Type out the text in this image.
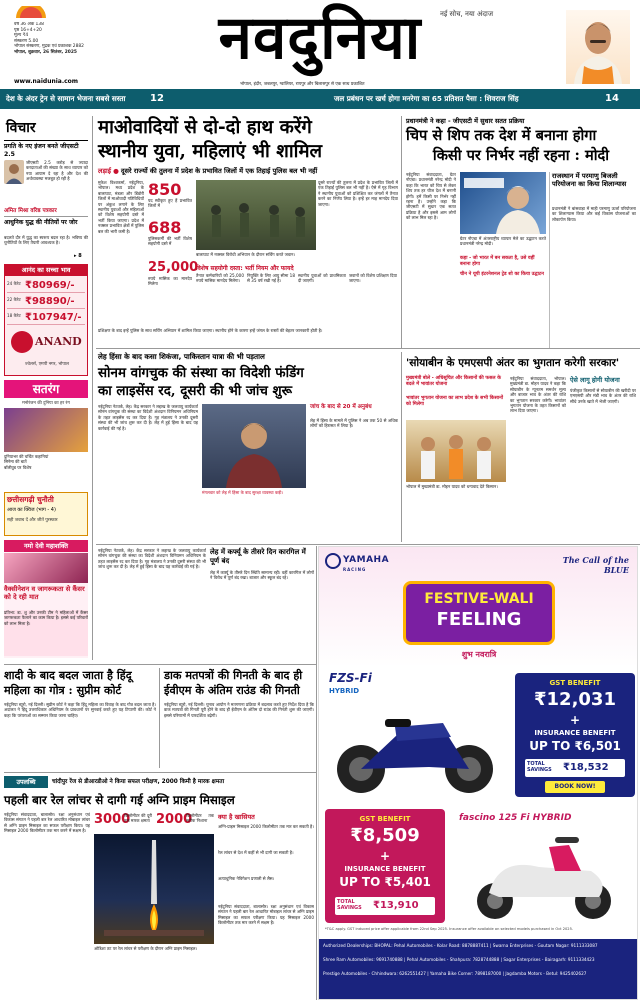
वर्ष 36 अंक 138
पृष्ठ 16+4+20
मूल्य ₹4
संस्करण 5.00
भोपाल संस्करण, मुद्रक एवं प्रकाशक 2882
भोपाल, शुक्रवार, 26 सितंबर, 2025
www.naidunia.com
नवदुनिया	नई सोच, नया अंदाज
भोपाल, इंदौर, जबलपुर, ग्वालियर, रायपुर और बिलासपुर से एक साथ प्रकाशित
देश के अंदर ट्रेन से सामान भेजना सबसे सस्ता	12	जल प्रबंधन पर खर्च होगा मनरेगा का 65 प्रतिशत पैसा : शिवराज सिंह	14
विचार
प्रगति के नए इंजन बनते जीएसटी 2.5
जीएसटी 2.5 करोड़ से ज्यादा करदाताओं की संख्या के साथ व्यापार को नया आयाम दे रहा है और देश की अर्थव्यवस्था मजबूत हो रही है
अमित मिश्रा वरिष्ठ पत्रकार
आधुनिक युद्ध की नीतियों पर जोर
बदलते दौर में युद्ध का स्वरूप बदल रहा है। भविष्य की चुनौतियों के लिए तैयारी आवश्यक है।
▸ 8
आनंद का सच्चा भाव
24 कैरेट ₹80969/-
22 कैरेट ₹98890/-
18 कैरेट ₹107947/-
ANAND
ज्वेलर्स, एमपी नगर, भोपाल
सतरंग
मनोरंजन की दुनिया का हर रंग
दुनियाभर की चर्चित कहानियां
सिनेमा की बातें
बॉलीवुड पर विशेष
छत्तीसगढ़ी चुनौती
आज का क्विज (भाग - 4)
सही जवाब दें और जीतें पुरस्कार
नमो देवी महाशक्ति
वैक्सीनेशन व जागरूकता से कैंसर को दे रही मात
प्रतिभा: डा. शु और उनकी टीम ने महिलाओं में कैंसर जागरूकता फैलाने का काम किया है। इससे कई परिवारों को लाभ मिला है।
माओवादियों से दो-दो हाथ करेंगे
स्थानीय युवा, महिलाएं भी शामिल
लड़ाई ● दूसरे राज्यों की तुलना में प्रदेश के प्रभावित जिलों में एक तिहाई पुलिस बल भी नहीं
मुकेश विश्वकर्मा, नईदुनिया, भोपाल। मध्य प्रदेश के बालाघाट, मंडला और डिंडोरी जिलों में माओवादी गतिविधियों पर अंकुश लगाने के लिए स्थानीय युवाओं और महिलाओं को विशेष सहयोगी दस्ते में भर्ती किया जाएगा। प्रदेश में नक्सल प्रभावित क्षेत्रों में पुलिस बल की भारी कमी है।
850
पद स्वीकृत हुए हैं प्रभावित जिलों में
688
पुलिसकर्मी की भर्ती विशेष सहयोगी दस्ते में
25,000
रुपये मासिक का मानदेय मिलेगा
बालाघाट में नक्सल विरोधी अभियान के दौरान सर्चिंग करते जवान।
दूसरे राज्यों की तुलना में प्रदेश के प्रभावित जिलों में एक तिहाई पुलिस बल भी नहीं है। ऐसे में गृह विभाग ने स्थानीय युवाओं को प्रशिक्षित कर जंगलों में तैनात करने का निर्णय लिया है। इन्हें हर माह मानदेय दिया जाएगा।
विशेष सहयोगी दस्ता: भर्ती नियम और फायदे
तैनात कर्मचारियों को 25,000 रुपये मासिक मानदेय मिलेगा।
नियुक्ति के लिए आयु सीमा 18 से 35 वर्ष रखी गई है।
स्थानीय युवाओं को प्राथमिकता दी जाएगी।
जवानों को विशेष प्रशिक्षण दिया जाएगा।
प्रशिक्षण के बाद इन्हें पुलिस के साथ सर्चिंग अभियान में शामिल किया जाएगा। स्थानीय होने के कारण इन्हें जंगल के रास्तों की बेहतर जानकारी होती है।
प्रधानमंत्री ने कहा - जीएसटी में सुधार सतत प्रक्रिया
चिप से शिप तक देश में बनाना होगा
किसी पर निर्भर नहीं रहना : मोदी
नईदुनिया संवाददाता, ग्रेटर नोएडा। प्रधानमंत्री नरेन्द्र मोदी ने कहा कि भारत को चिप से लेकर शिप तक हर चीज देश में बनानी होगी। हमें किसी पर निर्भर नहीं रहना है। उन्होंने कहा कि जीएसटी में सुधार एक सतत प्रक्रिया है और इससे आम लोगों को लाभ मिल रहा है।
ग्रेटर नोएडा में अंतरराष्ट्रीय व्यापार मेले का उद्घाटन करते प्रधानमंत्री नरेन्द्र मोदी।
कहा - जो भारत में बन सकता है, उसे वहीं बनाना होगा
चीन ने यूपी इंटरनेशनल ट्रेड शो का किया उद्घाटन
राजस्थान में परमाणु बिजली परियोजना का किया शिलान्यास
प्रधानमंत्री ने बांसवाड़ा में माही परमाणु ऊर्जा परियोजना का शिलान्यास किया और कई विकास योजनाओं का लोकार्पण किया।
लेह हिंसा के बाद कसा शिकंजा, पाकिस्तान यात्रा की भी पड़ताल
सोनम वांगचुक की संस्था का विदेशी फंडिंग
का लाइसेंस रद, दूसरी की भी जांच शुरू
नईदुनिया नेटवर्क, लेह। केंद्र सरकार ने लद्दाख के जलवायु कार्यकर्ता सोनम वांगचुक की संस्था का विदेशी अंशदान विनियमन अधिनियम के तहत लाइसेंस रद कर दिया है। गृह मंत्रालय ने उनकी दूसरी संस्था की भी जांच शुरू कर दी है। लेह में हुई हिंसा के बाद यह कार्रवाई की गई है।
मंगलवार को लेह में हिंसा के बाद सुरक्षा व्यवस्था कड़ी।
जांच के बाद से 20 में अनुबंध
लेह में हिंसा के मामले में पुलिस ने अब तक 50 से अधिक लोगों को हिरासत में लिया है।
'सोयाबीन के एमएसपी अंतर का भुगतान करेगी सरकार'
मुख्यमंत्री बोले - अधिसूचित और किसानों की फसल के बदले में भावांतर योजना
भावांतर भुगतान योजना का लाभ प्रदेश के सभी किसानों को मिलेगा
भोपाल में मुख्यमंत्री डा. मोहन यादव को धन्यवाद देते किसान।
नईदुनिया संवाददाता, भोपाल। मुख्यमंत्री डा. मोहन यादव ने कहा कि सोयाबीन के न्यूनतम समर्थन मूल्य और बाजार भाव के अंतर की राशि का भुगतान सरकार करेगी। भावांतर भुगतान योजना के तहत किसानों को लाभ दिया जाएगा।
ऐसे लागू होगी योजना
पंजीकृत किसानों से सोयाबीन की खरीदी पर एमएसपी और मंडी भाव के अंतर की राशि सीधे उनके खाते में भेजी जाएगी।
YAMAHA
RACING
The Call of the BLUE
FESTIVE-WALI
FEELING
शुभ नवरात्रि
FZS-Fi
HYBRID
GST BENEFIT
₹12,031
+
INSURANCE BENEFIT
UP TO ₹6,501
TOTAL SAVINGS	₹18,532
BOOK NOW!
GST BENEFIT
₹8,509
+
INSURANCE BENEFIT
UP TO ₹5,401
TOTAL SAVINGS	₹13,910
fascino 125 Fi HYBRID
*T&C apply. GST induced price offer applicable from 22nd Sep 2025. Insurance offer available on selected models purchased in Oct 2025.
Authorized Dealerships: BHOPAL: Pehal Automobiles - Kolar Road: 8878887411 | Swarna Enterprises - Goutam Nagar: 9111333087
Shree Ram Automobiles: 9691740888 | Pehal Automobiles - Shahpura: 7828744888 | Sagar Enterprises - Bairagarh: 9111334423
Prestige Automobiles - Chhindwara: 6262551427 | Yamaha Bike Corner: 7898187000 | Jagdamba Motors - Betul: 9425402627
लेह में कर्फ्यू के तीसरे दिन कारगिल में पूर्ण बंद
लेह में कर्फ्यू के तीसरे दिन स्थिति सामान्य रही। वहीं कारगिल में लोगों ने विरोध में पूर्ण बंद रखा। बाजार और स्कूल बंद रहे।
नईदुनिया नेटवर्क, लेह। केंद्र सरकार ने लद्दाख के जलवायु कार्यकर्ता सोनम वांगचुक की संस्था का विदेशी अंशदान विनियमन अधिनियम के तहत लाइसेंस रद कर दिया है। गृह मंत्रालय ने उनकी दूसरी संस्था की भी जांच शुरू कर दी है। लेह में हुई हिंसा के बाद यह कार्रवाई की गई है।
शादी के बाद बदल जाता है हिंदू
महिला का गोत्र : सुप्रीम कोर्ट
नईदुनिया ब्यूरो, नई दिल्ली। सुप्रीम कोर्ट ने कहा कि हिंदू महिला का विवाह के बाद गोत्र बदल जाता है। अदालत ने हिंदू उत्तराधिकार अधिनियम के प्रावधानों पर सुनवाई करते हुए यह टिप्पणी की। कोर्ट ने कहा कि परंपराओं का सम्मान किया जाना चाहिए।
डाक मतपत्रों की गिनती के बाद ही
ईवीएम के अंतिम राउंड की गिनती
नईदुनिया ब्यूरो, नई दिल्ली। चुनाव आयोग ने मतगणना प्रक्रिया में बदलाव करते हुए निर्देश दिया है कि डाक मतपत्रों की गिनती पूरी होने के बाद ही ईवीएम के अंतिम दो राउंड की गिनती शुरू की जाएगी। इससे परिणामों में पारदर्शिता बढ़ेगी।
उपलब्धि	चांदीपुर रेंज से डीआरडीओ ने किया सफल परीक्षण, 2000 किमी है मारक क्षमता
पहली बार रेल लांचर से दागी गई अग्नि प्राइम मिसाइल
नईदुनिया संवाददाता, बालासोर। रक्षा अनुसंधान एवं विकास संगठन ने पहली बार रेल आधारित मोबाइल लांचर से अग्नि प्राइम मिसाइल का सफल परीक्षण किया। यह मिसाइल 2000 किलोमीटर तक मार करने में सक्षम है।
3000
किलोमीटर की दूरी तक मारक क्षमता 2000
किलोमीटर तक सटीक निशाना
ओडिशा तट पर रेल लांचर से परीक्षण के दौरान अग्नि प्राइम मिसाइल।
क्या है खासियत
अग्नि-प्राइम मिसाइल 2000 किलोमीटर तक मार कर सकती है।
रेल लांचर से देश में कहीं से भी दागी जा सकती है।
अत्याधुनिक नेविगेशन प्रणाली से लैस।
नईदुनिया संवाददाता, बालासोर। रक्षा अनुसंधान एवं विकास संगठन ने पहली बार रेल आधारित मोबाइल लांचर से अग्नि प्राइम मिसाइल का सफल परीक्षण किया। यह मिसाइल 2000 किलोमीटर तक मार करने में सक्षम है।
